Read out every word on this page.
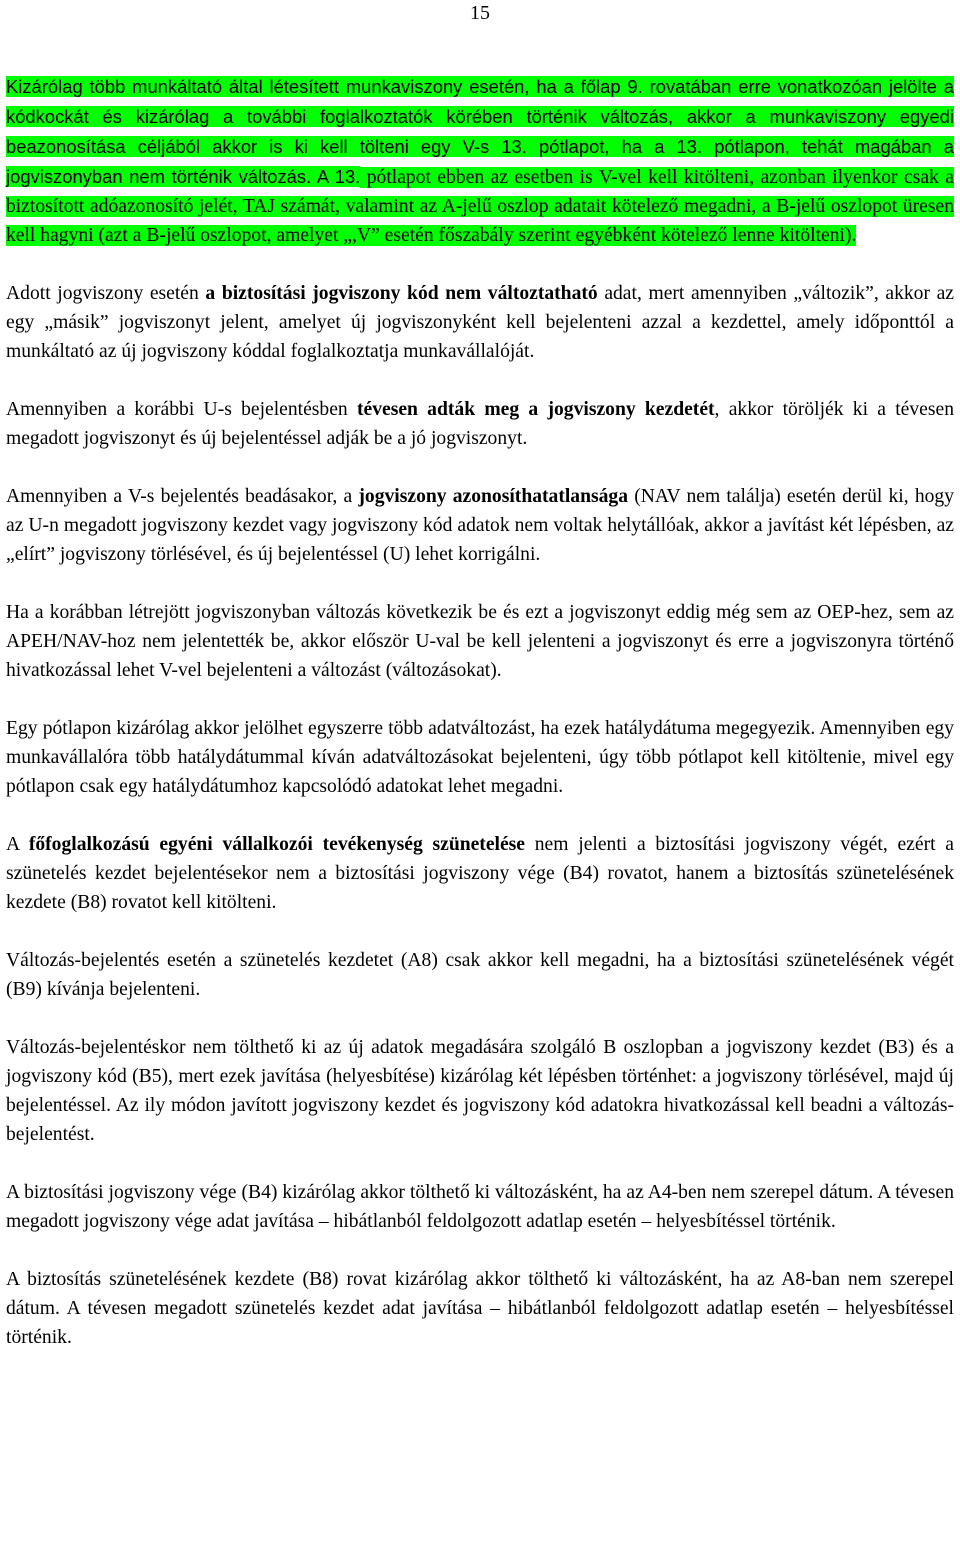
15

Kizárólag több munkáltató által létesített munkaviszony esetén, ha a főlap 9. rovatában erre vonatkozóan jelölte a kódkockát és kizárólag a további foglalkoztatók körében történik változás, akkor a munkaviszony egyedi beazonosítása céljából akkor is ki kell tölteni egy V-s 13. pótlapot, ha a 13. pótlapon, tehát magában a jogviszonyban nem történik változás. A 13. pótlapot ebben az esetben is V-vel kell kitölteni, azonban ilyenkor csak a biztosított adóazonosító jelét, TAJ számát, valamint az A-jelű oszlop adatait kötelező megadni, a B-jelű oszlopot üresen kell hagyni (azt a B-jelű oszlopot, amelyet „,V” esetén főszabály szerint egyébként kötelező lenne kitölteni).

Adott jogviszony esetén a biztosítási jogviszony kód nem változtatható adat, mert amennyiben „változik”, akkor az egy „másik” jogviszonyt jelent, amelyet új jogviszonyként kell bejelenteni azzal a kezdettel, amely időponttól a munkáltató az új jogviszony kóddal foglalkoztatja munkavállalóját.

Amennyiben a korábbi U-s bejelentésben tévesen adták meg a jogviszony kezdetét, akkor töröljék ki a tévesen megadott jogviszonyt és új bejelentéssel adják be a jó jogviszonyt.

Amennyiben a V-s bejelentés beadásakor, a jogviszony azonosíthatatlansága (NAV nem találja) esetén derül ki, hogy az U-n megadott jogviszony kezdet vagy jogviszony kód adatok nem voltak helytállóak, akkor a javítást két lépésben, az „elírt” jogviszony törlésével, és új bejelentéssel (U) lehet korrigálni.

Ha a korábban létrejött jogviszonyban változás következik be és ezt a jogviszonyt eddig még sem az OEP-hez, sem az APEH/NAV-hoz nem jelentették be, akkor először U-val be kell jelenteni a jogviszonyt és erre a jogviszonyra történő hivatkozással lehet V-vel bejelenteni a változást (változásokat).

Egy pótlapon kizárólag akkor jelölhet egyszerre több adatváltozást, ha ezek hatálydátuma megegyezik. Amennyiben egy munkavállalóra több hatálydátummal kíván adatváltozásokat bejelenteni, úgy több pótlapot kell kitöltenie, mivel egy pótlapon csak egy hatálydátumhoz kapcsolódó adatokat lehet megadni.

A főfoglalkozású egyéni vállalkozói tevékenység szünetelése nem jelenti a biztosítási jogviszony végét, ezért a szünetelés kezdet bejelentésekor nem a biztosítási jogviszony vége (B4) rovatot, hanem a biztosítás szünetelésének kezdete (B8) rovatot kell kitölteni.

Változás-bejelentés esetén a szünetelés kezdetet (A8) csak akkor kell megadni, ha a biztosítási szünetelésének végét (B9) kívánja bejelenteni.

Változás-bejelentéskor nem tölthető ki az új adatok megadására szolgáló B oszlopban a jogviszony kezdet (B3) és a jogviszony kód (B5), mert ezek javítása (helyesbítése) kizárólag két lépésben történhet: a jogviszony törlésével, majd új bejelentéssel. Az ily módon javított jogviszony kezdet és jogviszony kód adatokra hivatkozással kell beadni a változás-bejelentést.

A biztosítási jogviszony vége (B4) kizárólag akkor tölthető ki változásként, ha az A4-ben nem szerepel dátum. A tévesen megadott jogviszony vége adat javítása – hibátlanból feldolgozott adatlap esetén – helyesbítéssel történik.

A biztosítás szünetelésének kezdete (B8) rovat kizárólag akkor tölthető ki változásként, ha az A8-ban nem szerepel dátum. A tévesen megadott szünetelés kezdet adat javítása – hibátlanból feldolgozott adatlap esetén – helyesbítéssel történik.
